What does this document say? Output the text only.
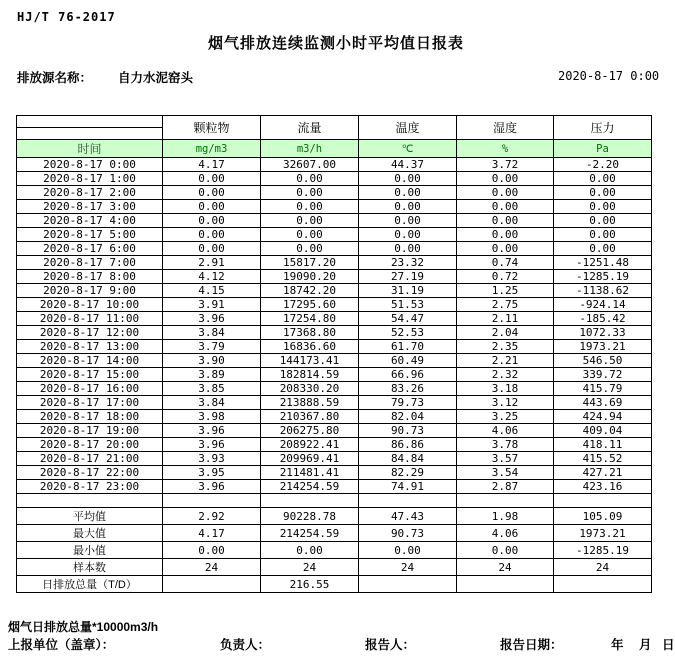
HJ/T 76-2017
烟气排放连续监测小时平均值日报表
排放源名称： 自力水泥窑头	2020-8-17 0:00
	颗粒物	流量	温度	湿度	压力

时间	mg/m3	m3/h	℃	%	Pa
2020-8-17 0:00	4.17	32607.00	44.37	3.72	-2.20
2020-8-17 1:00	0.00	0.00	0.00	0.00	0.00
2020-8-17 2:00	0.00	0.00	0.00	0.00	0.00
2020-8-17 3:00	0.00	0.00	0.00	0.00	0.00
2020-8-17 4:00	0.00	0.00	0.00	0.00	0.00
2020-8-17 5:00	0.00	0.00	0.00	0.00	0.00
2020-8-17 6:00	0.00	0.00	0.00	0.00	0.00
2020-8-17 7:00	2.91	15817.20	23.32	0.74	-1251.48
2020-8-17 8:00	4.12	19090.20	27.19	0.72	-1285.19
2020-8-17 9:00	4.15	18742.20	31.19	1.25	-1138.62
2020-8-17 10:00	3.91	17295.60	51.53	2.75	-924.14
2020-8-17 11:00	3.96	17254.80	54.47	2.11	-185.42
2020-8-17 12:00	3.84	17368.80	52.53	2.04	1072.33
2020-8-17 13:00	3.79	16836.60	61.70	2.35	1973.21
2020-8-17 14:00	3.90	144173.41	60.49	2.21	546.50
2020-8-17 15:00	3.89	182814.59	66.96	2.32	339.72
2020-8-17 16:00	3.85	208330.20	83.26	3.18	415.79
2020-8-17 17:00	3.84	213888.59	79.73	3.12	443.69
2020-8-17 18:00	3.98	210367.80	82.04	3.25	424.94
2020-8-17 19:00	3.96	206275.80	90.73	4.06	409.04
2020-8-17 20:00	3.96	208922.41	86.86	3.78	418.11
2020-8-17 21:00	3.93	209969.41	84.84	3.57	415.52
2020-8-17 22:00	3.95	211481.41	82.29	3.54	427.21
2020-8-17 23:00	3.96	214254.59	74.91	2.87	423.16

平均值	2.92	90228.78	47.43	1.98	105.09
最大值	4.17	214254.59	90.73	4.06	1973.21
最小值	0.00	0.00	0.00	0.00	-1285.19
样本数	24	24	24	24	24
日排放总量（T/D）		216.55			
烟气日排放总量*10000m3/h
上报单位（盖章）：	负责人：	报告人：	报告日期：	年 月 日
